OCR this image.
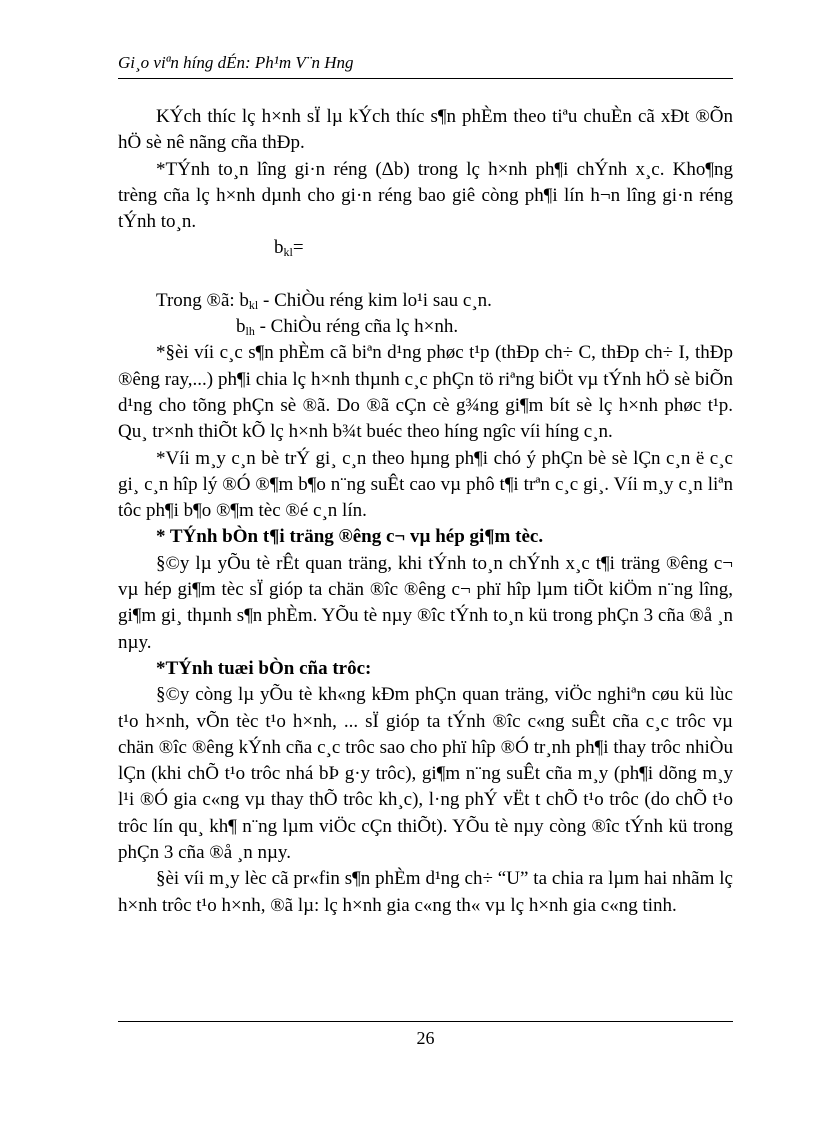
Gi¸o viªn híng dÉn: Ph¹m V¨n Hng

KÝch thíc lç h×nh sÏ lµ kÝch thíc s¶n phÈm theo tiªu chuÈn cã xÐt ®Õn hÖ sè nê nãng cña thÐp.

*TÝnh to¸n lîng gi·n réng (Δb) trong lç h×nh ph¶i chÝnh x¸c. Kho¶ng trèng cña lç h×nh dµnh cho gi·n réng bao giê còng ph¶i lín h¬n lîng gi·n réng tÝnh to¸n.

$b_{kl}=$

Trong ®ã: $b_{kl}$ - ChiÒu réng kim lo¹i sau c¸n.

$b_{lh}$ - ChiÒu réng cña lç h×nh.

*§èi víi c¸c s¶n phÈm cã biªn d¹ng phøc t¹p (thÐp ch÷ C, thÐp ch÷ I, thÐp ®êng ray,...) ph¶i chia lç h×nh thµnh c¸c phÇn tö riªng biÖt vµ tÝnh hÖ sè biÕn d¹ng cho tõng phÇn sè ®ã. Do ®ã cÇn cè g¾ng gi¶m bít sè lç h×nh phøc t¹p. Qu¸ tr×nh thiÕt kÕ lç h×nh b¾t buéc theo híng ngîc víi híng c¸n.

*Víi m¸y c¸n bè trÝ gi¸ c¸n theo hµng ph¶i chó ý phÇn bè sè lÇn c¸n ë c¸c gi¸ c¸n hîp lý ®Ó ®¶m b¶o n¨ng suÊt cao vµ phô t¶i trªn c¸c gi¸. Víi m¸y c¸n liªn tôc ph¶i b¶o ®¶m tèc ®é c¸n lín.

* TÝnh bÒn t¶i träng ®êng c¬ vµ hép gi¶m tèc.

§©y lµ yÕu tè rÊt quan träng, khi tÝnh to¸n chÝnh x¸c t¶i träng ®êng c¬ vµ hép gi¶m tèc sÏ gióp ta chän ®îc ®êng c¬ phï hîp lµm tiÕt kiÖm n¨ng lîng, gi¶m gi¸ thµnh s¶n phÈm. YÕu tè nµy ®îc tÝnh to¸n kü trong phÇn 3 cña ®å ¸n nµy.

*TÝnh tuæi bÒn cña trôc:

§©y còng lµ yÕu tè kh«ng kÐm phÇn quan träng, viÖc nghiªn cøu kü lùc t¹o h×nh, vÕn tèc t¹o h×nh, ... sÏ gióp ta tÝnh ®îc c«ng suÊt cña c¸c trôc vµ chän ®îc ®êng kÝnh cña c¸c trôc sao cho phï hîp ®Ó tr¸nh ph¶i thay trôc nhiÒu lÇn (khi chÕ t¹o trôc nhá bÞ g·y trôc), gi¶m n¨ng suÊt cña m¸y (ph¶i dõng m¸y l¹i ®Ó gia c«ng vµ thay thÕ trôc kh¸c), l·ng phÝ vËt t chÕ t¹o trôc (do chÕ t¹o trôc lín qu¸ kh¶ n¨ng lµm viÖc cÇn thiÕt). YÕu tè nµy còng ®îc tÝnh kü trong phÇn 3 cña ®å ¸n nµy.

§èi víi m¸y lèc cã pr«fin s¶n phÈm d¹ng ch÷ “U” ta chia ra lµm hai nhãm lç h×nh trôc t¹o h×nh, ®ã lµ: lç h×nh gia c«ng th« vµ lç h×nh gia c«ng tinh.

26
